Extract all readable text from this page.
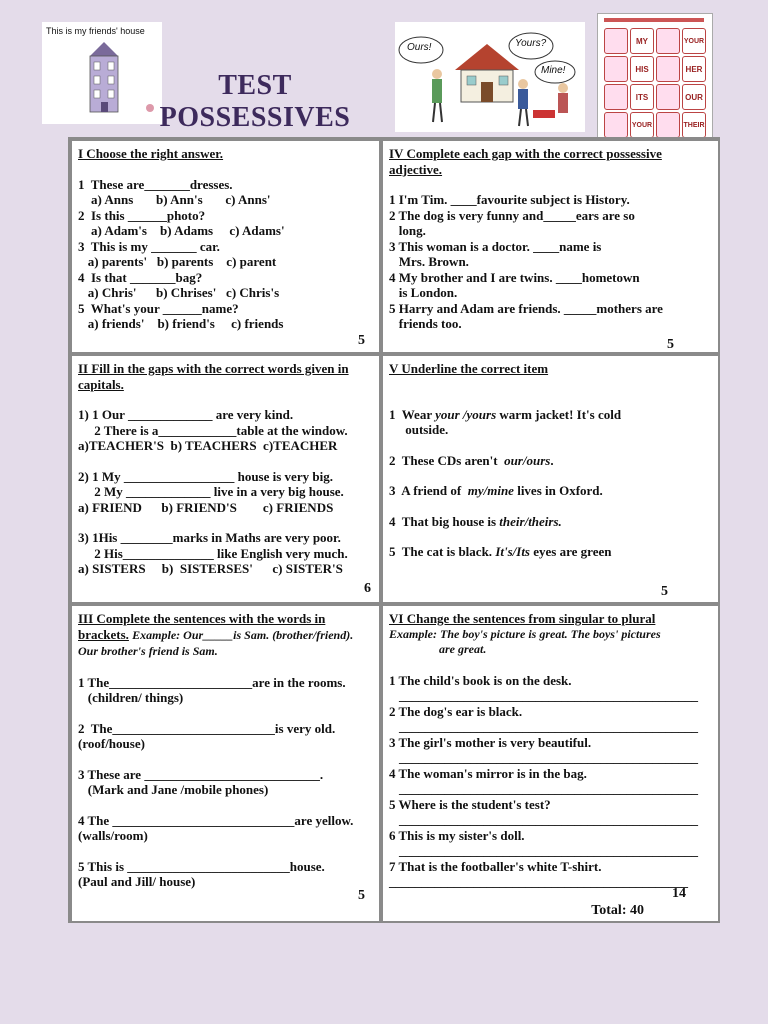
This is my friends' house
Ours!	Yours?
Mine!
MY	YOUR
HIS	HER
ITS	OUR
YOUR	THEIR
TEST
POSSESSIVES
I Choose the right answer.
1  These are_______dresses.
a) Anns       b) Ann's       c) Anns'
2  Is this ______photo?
a) Adam's    b) Adams     c) Adams'
3  This is my _______ car.
a) parents'   b) parents    c) parent
4  Is that _______bag?
a) Chris'      b) Chrises'   c) Chris's
5  What's your ______name?
a) friends'    b) friend's     c) friends
5
IV Complete each gap with the correct possessive adjective.
1 I'm Tim. ____favourite subject is History.
2 The dog is very funny and_____ears are so
long.
3 This woman is a doctor. ____name is
Mrs. Brown.
4 My brother and I are twins. ____hometown
is London.
5 Harry and Adam are friends. _____mothers are
friends too.
5
II Fill in the gaps with the correct words given in capitals.
1) 1 Our _____________ are very kind.
2 There is a____________table at the window.
a)TEACHER'S  b) TEACHERS  c)TEACHER
2) 1 My _________________ house is very big.
2 My _____________ live in a very big house.
a) FRIEND      b) FRIEND'S        c) FRIENDS
3) 1His ________marks in Maths are very poor.
2 His______________ like English very much.
a) SISTERS     b)  SISTERSES'      c) SISTER'S
6
V Underline the correct item
1  Wear your /yours warm jacket! It's cold
outside.
2  These CDs aren't  our/ours.
3  A friend of  my/mine lives in Oxford.
4  That big house is their/theirs.
5  The cat is black. It's/Its eyes are green
5
III Complete the sentences with the words in brackets. Example: Our_____is Sam. (brother/friend). Our brother's friend is Sam.
1 The______________________are in the rooms.
(children/ things)
2  The_________________________is very old.
(roof/house)
3 These are ___________________________.
(Mark and Jane /mobile phones)
4 The ____________________________are yellow.
(walls/room)
5 This is _________________________house.
(Paul and Jill/ house)
5
VI Change the sentences from singular to plural
Example: The boy's picture is great. The boys' pictures
are great.
1 The child's book is on the desk.
______________________________________________
2 The dog's ear is black.
______________________________________________
3 The girl's mother is very beautiful.
______________________________________________
4 The woman's mirror is in the bag.
______________________________________________
5 Where is the student's test?
______________________________________________
6 This is my sister's doll.
______________________________________________
7 That is the footballer's white T-shirt.
______________________________________________
14
Total: 40
